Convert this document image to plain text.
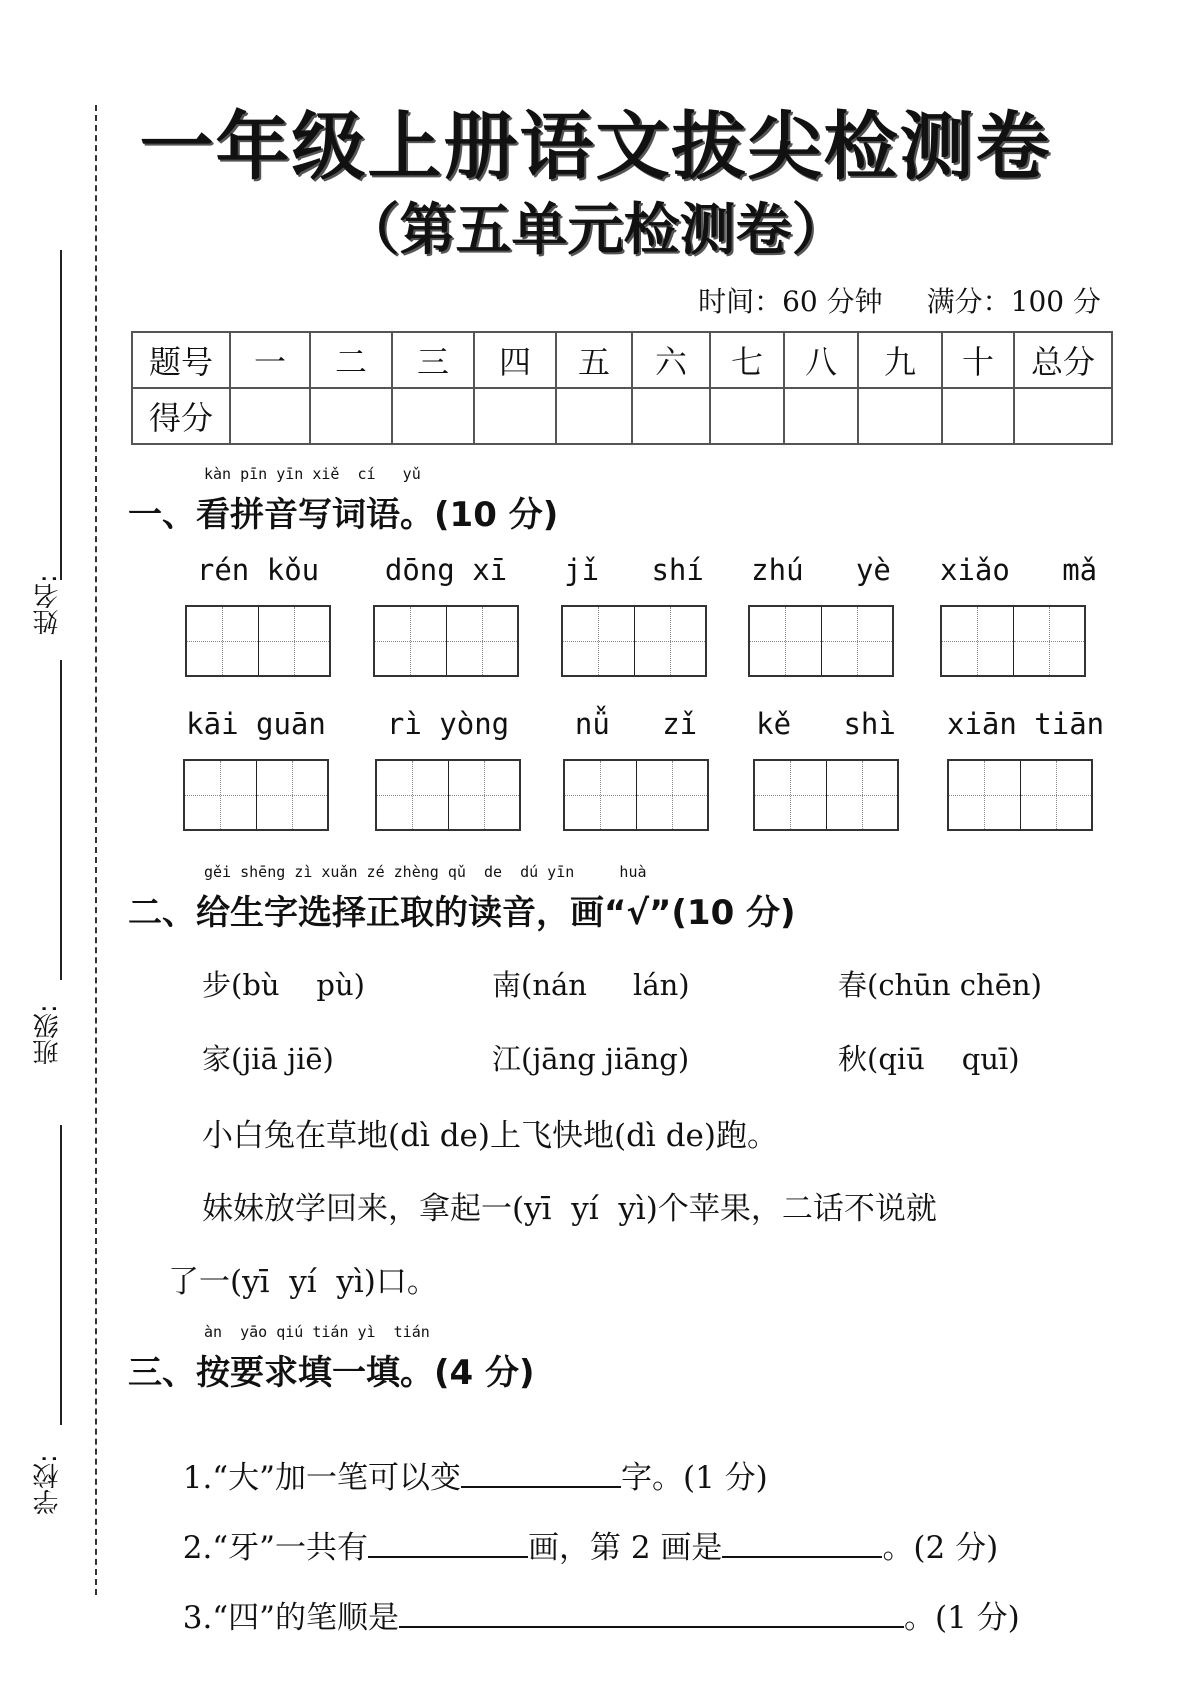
姓名:
班级:
学校:
一年级上册语文拔尖检测卷
（第五单元检测卷）
时间：60 分钟 满分：100 分
题号	一	二	三	四	五	六	七	八	九	十	总分
得分											
kàn pīn yīn xiě  cí   yǔ
一、看拼音写词语。(10 分)
rén kǒu	dōng xī	jǐ   shí zhú   yè xiǎo   mǎ
kāi guān	rì yòng	nǚ   zǐ	kě   shì xiān tiān
gěi shēng zì xuǎn zé zhèng qǔ  de  dú yīn     huà
二、给生字选择正取的读音，画“√”(10 分)
步(bù    pù)	南(nán     lán)	春(chūn chēn)
家(jiā jiē)	江(jāng jiāng)	秋(qiū    quī)
小白兔在草地(dì de)上飞快地(dì de)跑。
妹妹放学回来，拿起一(yī  yí  yì)个苹果，二话不说就
了一(yī  yí  yì)口。
àn  yāo qiú tián yì  tián
三、按要求填一填。(4 分)

1.“大”加一笔可以变	字。(1 分)

2.“牙”一共有	画，第 2 画是	。(2 分)

3.“四”的笔顺是	。(1 分)
